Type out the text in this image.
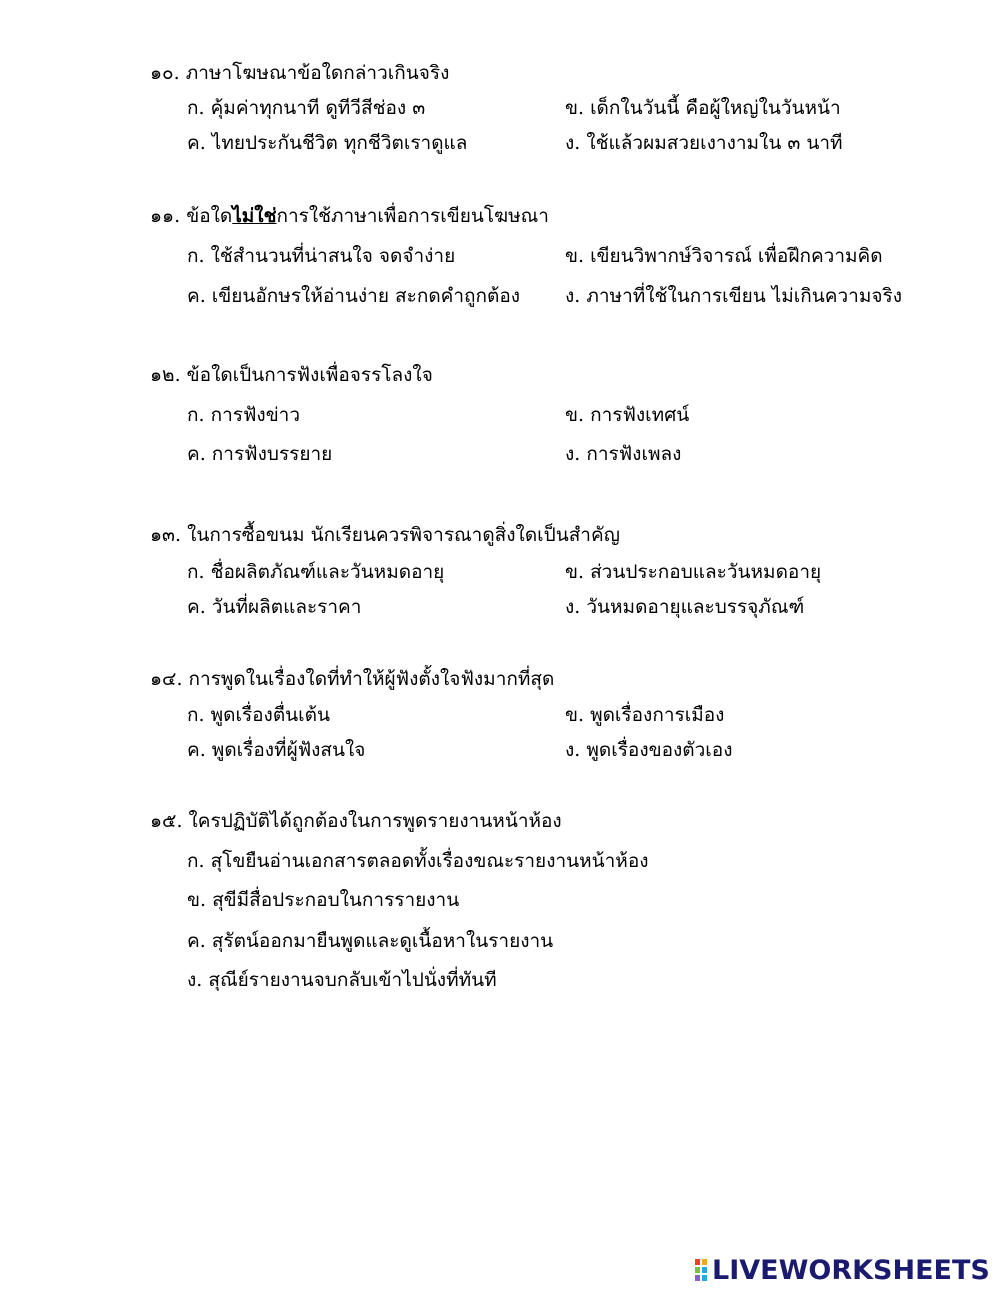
๑๐. ภาษาโฆษณาข้อใดกล่าวเกินจริง
ก. คุ้มค่าทุกนาที ดูทีวีสีช่อง ๓	ข. เด็กในวันนี้ คือผู้ใหญ่ในวันหน้า
ค. ไทยประกันชีวิต ทุกชีวิตเราดูแล	ง. ใช้แล้วผมสวยเงางามใน ๓ นาที
๑๑. ข้อใดไม่ใช่การใช้ภาษาเพื่อการเขียนโฆษณา
ก. ใช้สำนวนที่น่าสนใจ จดจำง่าย	ข. เขียนวิพากษ์วิจารณ์ เพื่อฝึกความคิด
ค. เขียนอักษรให้อ่านง่าย สะกดคำถูกต้อง ง. ภาษาที่ใช้ในการเขียน ไม่เกินความจริง
๑๒. ข้อใดเป็นการฟังเพื่อจรรโลงใจ
ก. การฟังข่าว	ข. การฟังเทศน์
ค. การฟังบรรยาย	ง. การฟังเพลง
๑๓. ในการซื้อขนม นักเรียนควรพิจารณาดูสิ่งใดเป็นสำคัญ
ก. ชื่อผลิตภัณฑ์และวันหมดอายุ	ข. ส่วนประกอบและวันหมดอายุ
ค. วันที่ผลิตและราคา	ง. วันหมดอายุและบรรจุภัณฑ์
๑๔. การพูดในเรื่องใดที่ทำให้ผู้ฟังตั้งใจฟังมากที่สุด
ก. พูดเรื่องตื่นเต้น	ข. พูดเรื่องการเมือง
ค. พูดเรื่องที่ผู้ฟังสนใจ	ง. พูดเรื่องของตัวเอง
๑๕. ใครปฏิบัติได้ถูกต้องในการพูดรายงานหน้าห้อง
ก. สุโขยืนอ่านเอกสารตลอดทั้งเรื่องขณะรายงานหน้าห้อง
ข. สุขีมีสื่อประกอบในการรายงาน
ค. สุรัตน์ออกมายืนพูดและดูเนื้อหาในรายงาน
ง. สุณีย์รายงานจบกลับเข้าไปนั่งที่ทันที
LIVEWORKSHEETS
